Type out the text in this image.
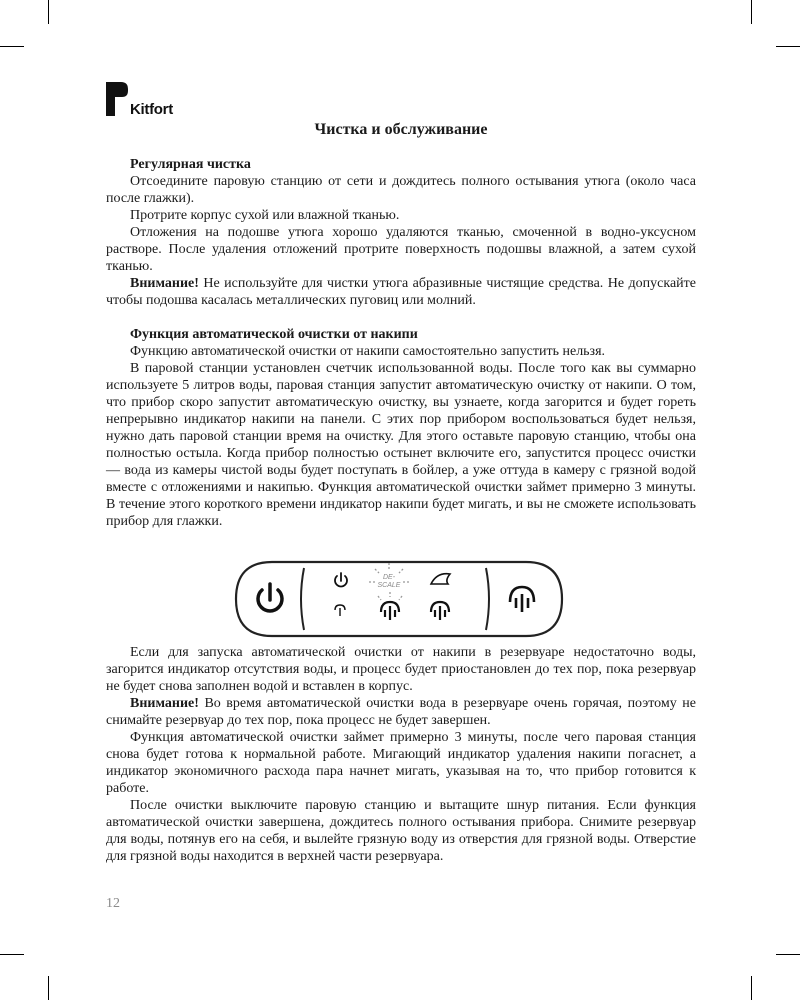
Kitfort
Чистка и обслуживание

Регулярная чистка

Отсоедините паровую станцию от сети и дождитесь полного остывания утюга (около часа после глажки).

Протрите корпус сухой или влажной тканью.

Отложения на подошве утюга хорошо удаляются тканью, смоченной в водно-уксусном растворе. После удаления отложений протрите поверхность подошвы влажной, а затем сухой тканью.

Внимание! Не используйте для чистки утюга абразивные чистящие средства. Не допускайте чтобы подошва касалась металлических пуговиц или молний.

Функция автоматической очистки от накипи

Функцию автоматической очистки от накипи самостоятельно запустить нельзя.

В паровой станции установлен счетчик использованной воды. После того как вы суммарно используете 5 литров воды, паровая станция запустит автоматическую очистку от накипи. О том, что прибор скоро запустит автоматическую очистку, вы узнаете, когда загорится и будет гореть непрерывно индикатор накипи на панели. С этих пор прибором воспользоваться будет нельзя, нужно дать паровой станции время на очистку. Для этого оставьте паровую станцию, чтобы она полностью остыла. Когда прибор полностью остынет включите его, запустится процесс очистки — вода из камеры чистой воды будет поступать в бойлер, а уже оттуда в камеру с грязной водой вместе с отложениями и накипью. Функция автоматической очистки займет примерно 3 минуты. В течение этого короткого времени индикатор накипи будет мигать, и вы не сможете использовать прибор для глажки.

DE-
SCALE

Если для запуска автоматической очистки от накипи в резервуаре недостаточно воды, загорится индикатор отсутствия воды, и процесс будет приостановлен до тех пор, пока резервуар не будет снова заполнен водой и вставлен в корпус.

Внимание! Во время автоматической очистки вода в резервуаре очень горячая, поэтому не снимайте резервуар до тех пор, пока процесс не будет завершен.

Функция автоматической очистки займет примерно 3 минуты, после чего паровая станция снова будет готова к нормальной работе. Мигающий индикатор удаления накипи погаснет, а индикатор экономичного расхода пара начнет мигать, указывая на то, что прибор готовится к работе.

После очистки выключите паровую станцию и вытащите шнур питания. Если функция автоматической очистки завершена, дождитесь полного остывания прибора. Снимите резервуар для воды, потянув его на себя, и вылейте грязную воду из отверстия для грязной воды. Отверстие для грязной воды находится в верхней части резервуара.

12
